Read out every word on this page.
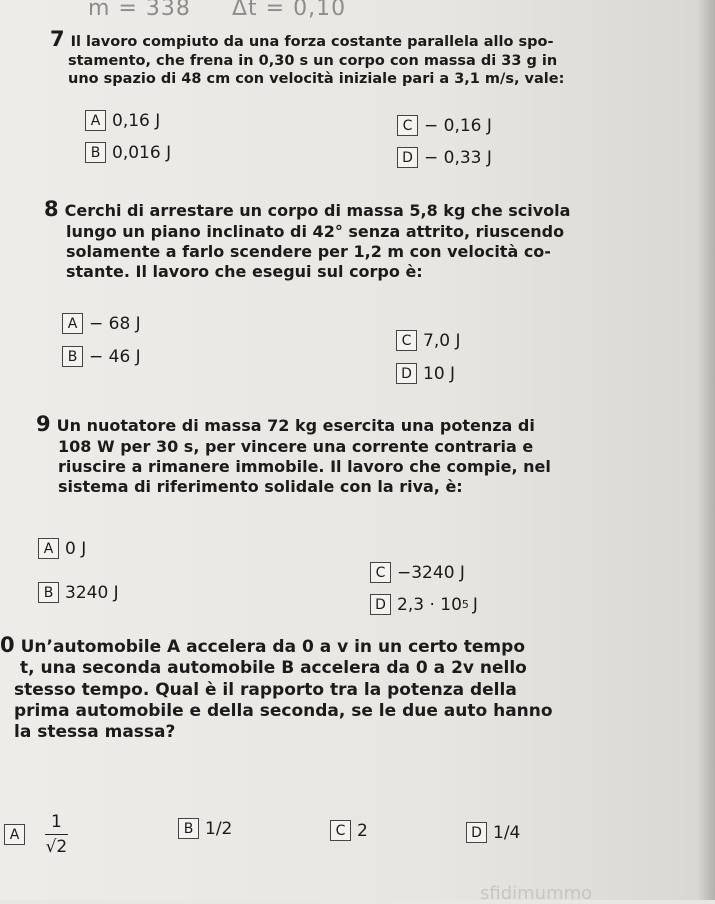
m = 338 Δt = 0,10
7 Il lavoro compiuto da una forza costante parallela allo spo-
stamento, che frena in 0,30 s un corpo con massa di 33 g in
uno spazio di 48 cm con velocità iniziale pari a 3,1 m/s, vale:
A 0,16 J
B 0,016 J
C − 0,16 J
D − 0,33 J
8 Cerchi di arrestare un corpo di massa 5,8 kg che scivola
lungo un piano inclinato di 42° senza attrito, riuscendo
solamente a farlo scendere per 1,2 m con velocità co-
stante. Il lavoro che esegui sul corpo è:
A − 68 J
B − 46 J
C 7,0 J
D 10 J
9 Un nuotatore di massa 72 kg esercita una potenza di
108 W per 30 s, per vincere una corrente contraria e
riuscire a rimanere immobile. Il lavoro che compie, nel
sistema di riferimento solidale con la riva, è:
A 0 J
B 3240 J
C −3240 J
D 2,3 · 10 5 J
0 Un’automobile A accelera da 0 a v in un certo tempo
t, una seconda automobile B accelera da 0 a 2v nello
stesso tempo. Qual è il rapporto tra la potenza della
prima automobile e della seconda, se le due auto hanno
la stessa massa?
A	$\frac{1}{√2}$	B 1/2	C 2	D 1/4
sfidimummo
